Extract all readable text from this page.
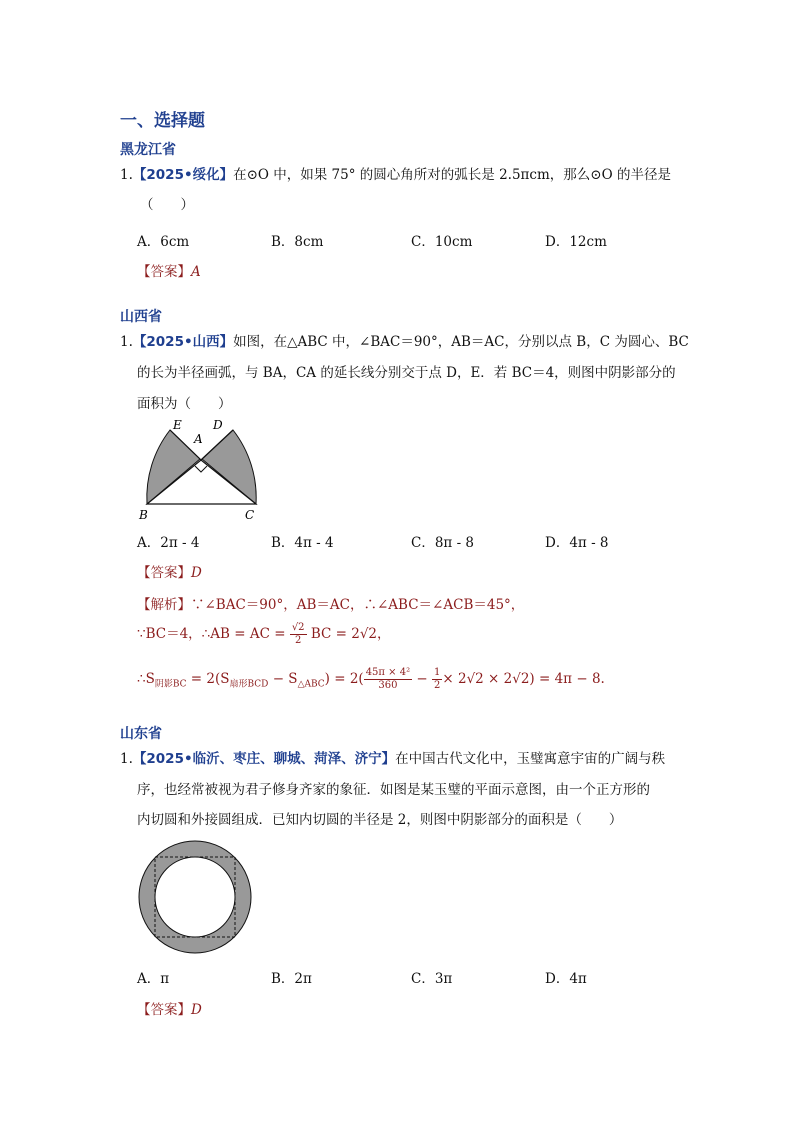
一、选择题
黑龙江省
1.【2025•绥化】在⊙O 中，如果 75° 的圆心角所对的弧长是 2.5πcm，那么⊙O 的半径是
（　　）
A．6cm	B．8cm	C．10cm	D．12cm
【答案】A
山西省
1.【2025•山西】如图，在△ABC 中，∠BAC＝90°，AB＝AC，分别以点 B，C 为圆心、BC
的长为半径画弧，与 BA，CA 的延长线分别交于点 D，E．若 BC＝4，则图中阴影部分的
面积为（　　）
E
A
D
B	C
A．2π - 4	B．4π - 4	C．8π - 8	D．4π - 8
【答案】D
【解析】∵∠BAC＝90°，AB＝AC，∴∠ABC＝∠ACB＝45°，
∵BC＝4，∴AB = AC = $\frac{√2}{2}$ BC = 2√2，
$\therefore S_{阴影BC} = 2(S_{扇形BCD} - S_{\triangle ABC}) = 2( \frac{\text{45π × 4²}}{360} - \frac{1}{2} \times 2√2 \times 2√2) = 4\pi - 8$.
山东省
1.【2025•临沂、枣庄、聊城、菏泽、济宁】在中国古代文化中，玉璧寓意宇宙的广阔与秩
序，也经常被视为君子修身齐家的象征．如图是某玉璧的平面示意图，由一个正方形的
内切圆和外接圆组成．已知内切圆的半径是 2，则图中阴影部分的面积是（　　）
A．π	B．2π	C．3π	D．4π
【答案】D
